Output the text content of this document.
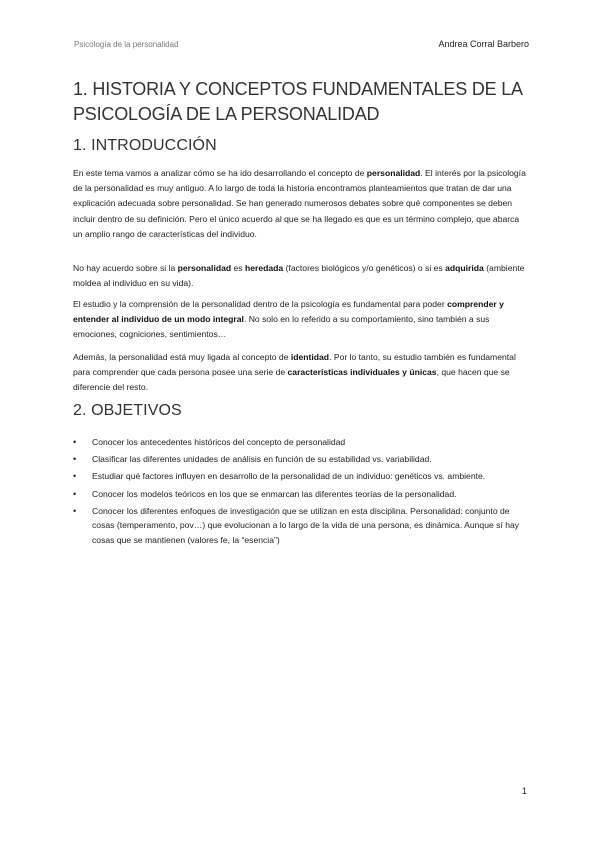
Psicología de la personalidad	Andrea Corral Barbero
1. HISTORIA Y CONCEPTOS FUNDAMENTALES DE LA PSICOLOGÍA DE LA PERSONALIDAD
1. INTRODUCCIÓN

En este tema vamos a analizar cómo se ha ido desarrollando el concepto de personalidad. El interés por la psicología de la personalidad es muy antiguo. A lo largo de toda la historia encontramos planteamientos que tratan de dar una explicación adecuada sobre personalidad. Se han generado numerosos debates sobre qué componentes se deben incluir dentro de su definición. Pero el único acuerdo al que se ha llegado es que es un término complejo, que abarca un amplio rango de características del individuo.

No hay acuerdo sobre si la personalidad es heredada (factores biológicos y/o genéticos) o si es adquirida (ambiente moldea al individuo en su vida).

El estudio y la comprensión de la personalidad dentro de la psicología es fundamental para poder comprender y entender al individuo de un modo integral. No solo en lo referido a su comportamiento, sino también a sus emociones, cogniciones, sentimientos…

Además, la personalidad está muy ligada al concepto de identidad. Por lo tanto, su estudio también es fundamental para comprender que cada persona posee una serie de características individuales y únicas, que hacen que se diferencie del resto.

2. OBJETIVOS
• Conocer los antecedentes históricos del concepto de personalidad
• Clasificar las diferentes unidades de análisis en función de su estabilidad vs. variabilidad.
• Estudiar qué factores influyen en desarrollo de la personalidad de un individuo: genéticos vs. ambiente.
• Conocer los modelos teóricos en los que se enmarcan las diferentes teorías de la personalidad.
• Conocer los diferentes enfoques de investigación que se utilizan en esta disciplina. Personalidad: conjunto de cosas (temperamento, pov…) que evolucionan a lo largo de la vida de una persona, es dinámica. Aunque sí hay cosas que se mantienen (valores fe, la “esencia”)
1
